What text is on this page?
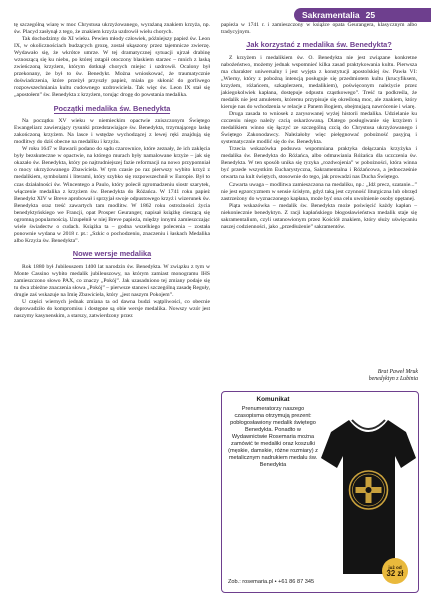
Sakramentalia 25

tę szczególną wiarę w moc Chrystusa ukrzyżowanego, wyrażaną znakiem krzyża, np. św. Placyd zasłynął z tego, że znakiem krzyża uzdrowił wielu chorych.

Tak dochodzimy do XI wieku. Pewien młody człowiek, późniejszy papież św. Leon IX, w okolicznościach budzących grozę, został ukąszony przez tajemnicze zwierzę. Wydawało się, że wkrótce umrze. W tej dramatycznej sytuacji ujrzał drabinę wznoszącą się ku niebu, po której zstąpił otoczony blaskiem starzec – mnich z laską zwieńczoną krzyżem, którym dotknął chorych miejsc i uzdrowił. Ocalony był przekonany, że był to św. Benedykt. Można wnioskować, że traumatycznie doświadczenia, które przeżył przyszły papież, miała go skłonić do gorliwego rozpowszechniania kultu cudownego uzdrowiciela. Tak więc św. Leon IX stał się „apostołem” św. Benedykta z krzyżem, torując drogę do powstania medalika.

Początki medalika św. Benedykta

Na początku XV wieku w niemieckim opactwie zniszczonym Świętego Ewangeliarz zawierający rysunki przedstawiające św. Benedykta, trzymającego laskę zakończoną krzyżem. Na lasce i wstędze wychodzącej z lewej ręki znajdują się modlitwy do dziś obecne na medaliku i krzyżu.

W roku 1647 w Bawarii podano do sądu czarownice, które zeznały, że ich zaklęcia były bezskuteczne w opactwie, na którego murach były namalowane krzyże – jak się okazało św. Benedykta, który po najtrudniejszej fazie reformacji na nowo przypomniał o mocy ukrzyżowanego Zbawiciela. W tym czasie po raz pierwszy wybito krzyż z medalikiem, symbolami i literami, który szybko się rozpowszechnił w Europie. Był to czas działalności św. Wincentego a Paulo, który polecił zgromadzeniu siostr szarytek, włączenie medalika z krzyżem św. Benedykta do Różańca. W 1741 roku papież Benedykt XIV w Breve aprobował i sprzyjał swoje odpustowego krzyż i wizerunek św. Benedykta oraz treść zawartych tam modlitw. W 1862 roku ostrożności życia benedyktyńskiego we Francji, opat Prosper Geuranger, napisał książkę cieszącą się ogromną popularnością. Uzupełnił w niej Breve papieża, między innymi zamieszczając wiele świadectw o cudach. Książka ta – godna wszelkiego polecenia – została ponownie wydana w 2018 r. pt.: „Szkic o pochodzeniu, znaczeniu i łaskach Medalika albo Krzyża św. Benedykta”.

Nowe wersje medalika

Rok 1880 był Jubileuszem 1400 lat narodzin św. Benedykta. W związku z tym w Monte Cassino wybito medalik jubileuszowy, na którym zamiast monogramu IHS zamieszczono słowo PAX, co znaczy „Pokój”. Jak uzasadniono tej zmiany podaje się tu dwa zbieżne znaczenia słowa „Pokój” – pierwsze stanowi szczególną zasadę Reguły, drugie zaś wskazuje na Imię Zbawiciela, który „jest naszym Pokojem”.

U części wiernych jednak zmiana ta od dawna budzi wątpliwości, co obecnie doprowadziło do kompromisu i dostępne są obie wersje medalika. Nowszy wzór jest naszymy kasynenskim, a starszy, zatwierdzony przez

papieża w 1741 r. i zamieszczony w książce opata Geurangera, klasycznym albo tradycyjnym.

Jak korzystać z medalika św. Benedykta?

Z krzyżem i medalikiem św. O. Benedykta nie jest związane konkretne nabożeństwo, możemy jednak wspomnieć kilka zasad praktykowania kultu. Pierwsza ma charakter uniwersalny i jest wyjęta z konstytucji apostolskiej św. Pawła VI: „Wierny, który z pobożną intencją posługuje się przedmiotem kultu (krucyfiksem, krzyżem, różańcem, szkaplerzem, medalikiem), poświęconym należycie przez jakiegokolwiek kapłana, dostępuje odpustu cząstkowego”. Treść ta podkreśla, że medalik nie jest amuletem, któremu przypisuje się określoną moc, ale znakiem, który kieruje nas do wchodzenia w relacje z Panem Bogiem, obejmującą nawrócenie i wiarę.

Druga zasada to wniosek z zarysowanej wyżej historii medalika. Udzielanie ku czczeniu niego należy czcią oskarżowaną. Dlatego posługiwanie się krzyżem i medalikiem winno się łączyć ze szczególną czcią do Chrystusa ukrzyżowanego i Świętego Zakonodawcy. Należałoby więc pielęgnować pobożność pasyjną i systematycznie modlić się do św. Benedykta.

Trzecia wskazówka podsuwa wspomniana praktyka dołączania krzyżyka i medalika św. Benedykta do Różańca, albo odmawiania Różańca dla uczczenia św. Benedykta. W ten sposób unika się ryzyka „rozdwojenia” w pobożności, która winna być przede wszystkim Eucharystyczna, Sakramentalna i Różańcowa, a jednocześnie otwarta na kult świętych, stosownie do tego, jak prowadzi nas Ducha Świętego.

Czwarta uwaga – modlitwa zamieszczona na medaliku, np.: „Idź precz, szatanie...” nie jest egzorcyzmem w sensie ścisłym, gdyż taką jest czynność liturgiczna lub obrzęd zastrzeżony do wyznaczonego kapłana, może być ona celu uwolnienie osoby opętanej.

Piąta wskazówka – medalik św. Benedykta może poświęcić każdy kapłan – niekoniecznie benedyktyn. Z racji kapłańskiego błogosławieństwa medalik staje się sakramentalium, czyli ustanowionym przez Kościół znakiem, który służy uświęcaniu naszej codzienności, jako „przedłużenie” sakramentów.

Brat Paweł Mruk
benedyktyn z Lubinia
Komunikat
Prenumeratorzy naszego czasopisma otrzymują prezent: pobłogosławiony medalik świętego Benedykta. Ponadto w Wydawnictwie Rosemaria można zamówić te medaliki oraz koszulki (męskie, damskie, różne rozmiary) z metalicznym nadrukiem medalu św. Benedykta
Zob.: rosemaria.pl • +61 86 87 345
już od
32 zł
